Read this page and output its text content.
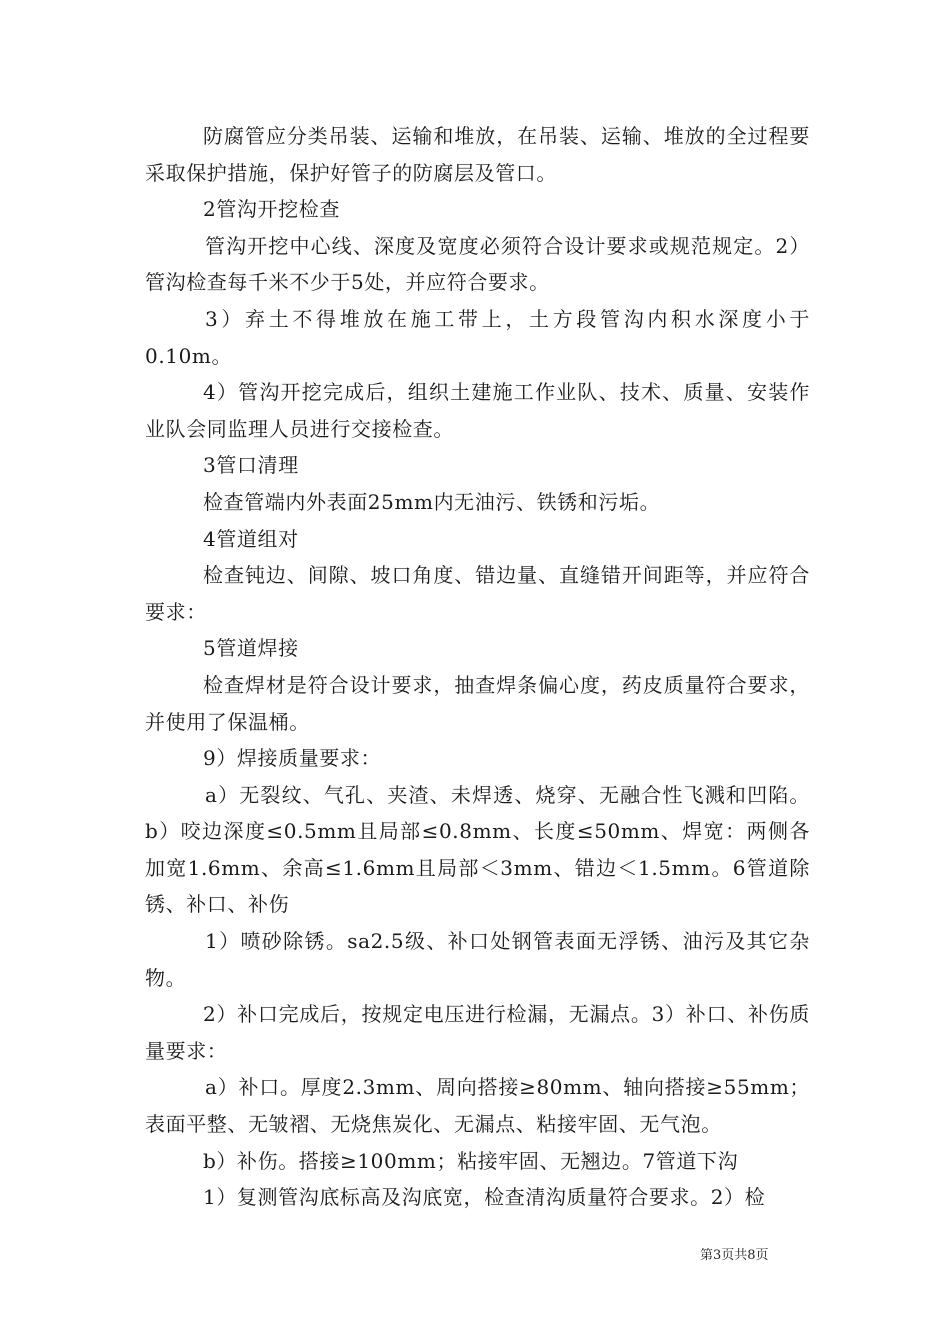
防腐管应分类吊装、运输和堆放，在吊装、运输、堆放的全过程要采取保护措施，保护好管子的防腐层及管口。

2管沟开挖检查

管沟开挖中心线、深度及宽度必须符合设计要求或规范规定。2）管沟检查每千米不少于5处，并应符合要求。

3）弃土不得堆放在施工带上，土方段管沟内积水深度小于0.10m。

4）管沟开挖完成后，组织土建施工作业队、技术、质量、安装作业队会同监理人员进行交接检查。

3管口清理

检查管端内外表面25mm内无油污、铁锈和污垢。

4管道组对

检查钝边、间隙、坡口角度、错边量、直缝错开间距等，并应符合要求：

5管道焊接

检查焊材是符合设计要求，抽查焊条偏心度，药皮质量符合要求，并使用了保温桶。

9）焊接质量要求：

a）无裂纹、气孔、夹渣、未焊透、烧穿、无融合性飞溅和凹陷。b）咬边深度≤0.5mm且局部≤0.8mm、长度≤50mm、焊宽：两侧各加宽1.6mm、余高≤1.6mm且局部＜3mm、错边＜1.5mm。6管道除锈、补口、补伤

1）喷砂除锈。sa2.5级、补口处钢管表面无浮锈、油污及其它杂物。

2）补口完成后，按规定电压进行检漏，无漏点。3）补口、补伤质量要求：

a）补口。厚度2.3mm、周向搭接≥80mm、轴向搭接≥55mm；表面平整、无皱褶、无烧焦炭化、无漏点、粘接牢固、无气泡。

b）补伤。搭接≥100mm；粘接牢固、无翘边。7管道下沟

1）复测管沟底标高及沟底宽，检查清沟质量符合要求。2）检

第3页共8页
